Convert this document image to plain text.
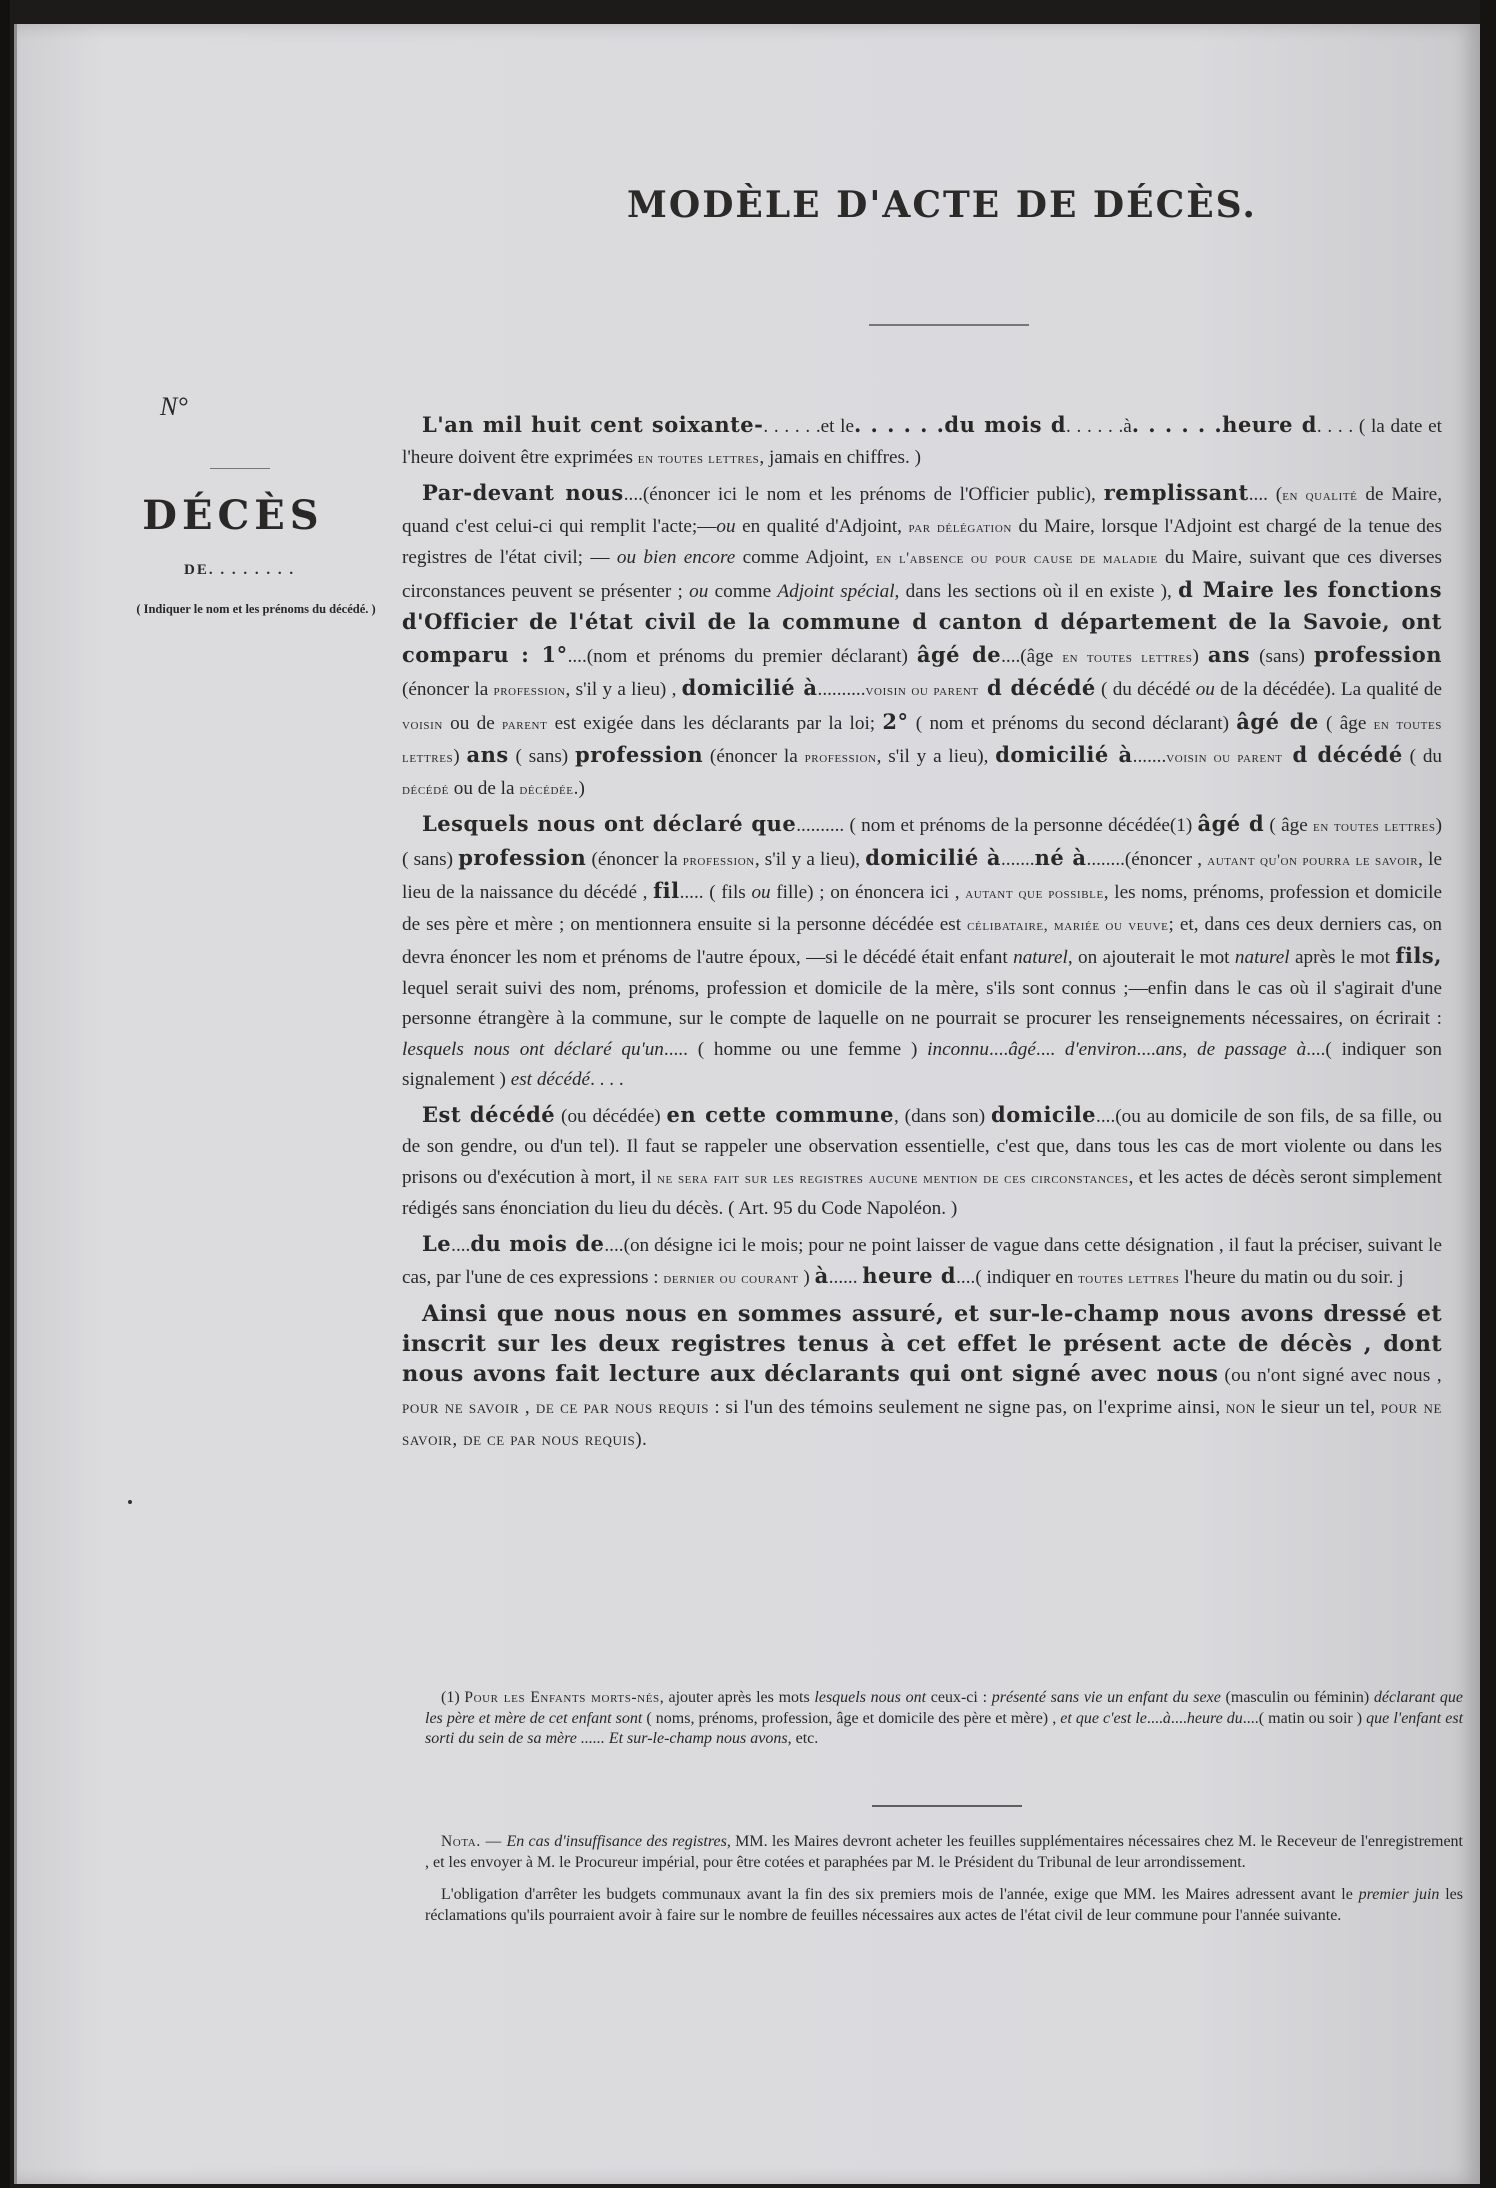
MODÈLE D'ACTE DE DÉCÈS.
N°
DÉCÈS
DE. . . . . . . .
( Indiquer le nom et les prénoms du décédé. )

L'an mil huit cent soixante-. . . . . .et le. . . . . .du mois d. . . . . .à. . . . . .heure d. . . . ( la date et l'heure doivent être exprimées en toutes lettres, jamais en chiffres. )

Par-devant nous....(énoncer ici le nom et les prénoms de l'Officier public), remplissant.... (en qualité de Maire, quand c'est celui-ci qui remplit l'acte;—ou en qualité d'Adjoint, par délégation du Maire, lorsque l'Adjoint est chargé de la tenue des registres de l'état civil; — ou bien encore comme Adjoint, en l'absence ou pour cause de maladie du Maire, suivant que ces diverses circonstances peuvent se présenter ; ou comme Adjoint spécial, dans les sections où il en existe ), d Maire les fonctions d'Officier de l'état civil de la commune d canton d département de la Savoie, ont comparu : 1°....(nom et prénoms du premier déclarant) âgé de....(âge en toutes lettres) ans (sans) profession (énoncer la profession, s'il y a lieu) , domicilié à..........voisin ou parent d décédé ( du décédé ou de la décédée). La qualité de voisin ou de parent est exigée dans les déclarants par la loi; 2° ( nom et prénoms du second déclarant) âgé de ( âge en toutes lettres) ans ( sans) profession (énoncer la profession, s'il y a lieu), domicilié à.......voisin ou parent d décédé ( du décédé ou de la décédée.)

Lesquels nous ont déclaré que.......... ( nom et prénoms de la personne décédée(1) âgé d ( âge en toutes lettres) ( sans) profession (énoncer la profession, s'il y a lieu), domicilié à.......né à........(énoncer , autant qu'on pourra le savoir, le lieu de la naissance du décédé , fil..... ( fils ou fille) ; on énoncera ici , autant que possible, les noms, prénoms, profession et domicile de ses père et mère ; on mentionnera ensuite si la personne décédée est célibataire, mariée ou veuve; et, dans ces deux derniers cas, on devra énoncer les nom et prénoms de l'autre époux, —si le décédé était enfant naturel, on ajouterait le mot naturel après le mot fils, lequel serait suivi des nom, prénoms, profession et domicile de la mère, s'ils sont connus ;—enfin dans le cas où il s'agirait d'une personne étrangère à la commune, sur le compte de laquelle on ne pourrait se procurer les renseignements nécessaires, on écrirait : lesquels nous ont déclaré qu'un..... ( homme ou une femme ) inconnu....âgé.... d'environ....ans, de passage à....( indiquer son signalement ) est décédé. . . .

Est décédé (ou décédée) en cette commune, (dans son) domicile....(ou au domicile de son fils, de sa fille, ou de son gendre, ou d'un tel). Il faut se rappeler une observation essentielle, c'est que, dans tous les cas de mort violente ou dans les prisons ou d'exécution à mort, il ne sera fait sur les registres aucune mention de ces circonstances, et les actes de décès seront simplement rédigés sans énonciation du lieu du décès. ( Art. 95 du Code Napoléon. )

Le....du mois de....(on désigne ici le mois; pour ne point laisser de vague dans cette désignation , il faut la préciser, suivant le cas, par l'une de ces expressions : dernier ou courant ) à...... heure d....( indiquer en toutes lettres l'heure du matin ou du soir. j

Ainsi que nous nous en sommes assuré, et sur-le-champ nous avons dressé et inscrit sur les deux registres tenus à cet effet le présent acte de décès , dont nous avons fait lecture aux déclarants qui ont signé avec nous (ou n'ont signé avec nous , pour ne savoir , de ce par nous requis : si l'un des témoins seulement ne signe pas, on l'exprime ainsi, non le sieur un tel, pour ne savoir, de ce par nous requis).

(1) Pour les Enfants morts-nés, ajouter après les mots lesquels nous ont ceux-ci : présenté sans vie un enfant du sexe (masculin ou féminin) déclarant que les père et mère de cet enfant sont ( noms, prénoms, profession, âge et domicile des père et mère) , et que c'est le....à....heure du....( matin ou soir ) que l'enfant est sorti du sein de sa mère ...... Et sur-le-champ nous avons, etc.

Nota. — En cas d'insuffisance des registres, MM. les Maires devront acheter les feuilles supplémentaires nécessaires chez M. le Receveur de l'enregistrement , et les envoyer à M. le Procureur impérial, pour être cotées et paraphées par M. le Président du Tribunal de leur arrondissement.

L'obligation d'arrêter les budgets communaux avant la fin des six premiers mois de l'année, exige que MM. les Maires adressent avant le premier juin les réclamations qu'ils pourraient avoir à faire sur le nombre de feuilles nécessaires aux actes de l'état civil de leur commune pour l'année suivante.
